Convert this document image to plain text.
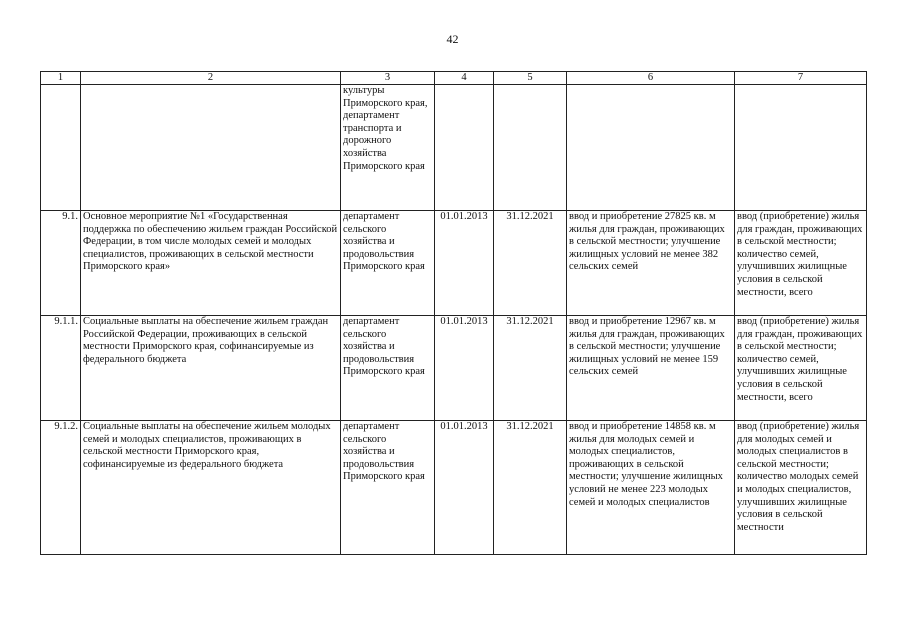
42
1	2	3	4	5	6	7
		культуры Приморского края, департамент транспорта и дорожного хозяйства Приморского края				
9.1.	Основное мероприятие №1 «Государственная поддержка по обеспечению жильем граждан Российской Федерации, в том числе молодых семей и молодых специалистов, проживающих в сельской местности Приморского края»	департамент сельского хозяйства и продовольствия Приморского края	01.01.2013	31.12.2021	ввод и приобретение 27825 кв. м жилья для граждан, проживающих в сельской местности; улучшение жилищных условий не менее 382 сельских семей	ввод (приобретение) жилья для граждан, проживающих в сельской местности; количество семей, улучшивших жилищные условия в сельской местности, всего
9.1.1.	Социальные выплаты на обеспечение жильем граждан Российской Федерации, проживающих в сельской местности Приморского края, софинансируемые из федерального бюджета	департамент сельского хозяйства и продовольствия Приморского края	01.01.2013	31.12.2021	ввод и приобретение 12967 кв. м жилья для граждан, проживающих в сельской местности; улучшение жилищных условий не менее 159 сельских семей	ввод (приобретение) жилья для граждан, проживающих в сельской местности; количество семей, улучшивших жилищные условия в сельской местности, всего
9.1.2.	Социальные выплаты на обеспечение жильем молодых семей и молодых специалистов, проживающих в сельской местности Приморского края, софинансируемые из федерального бюджета	департамент сельского хозяйства и продовольствия Приморского края	01.01.2013	31.12.2021	ввод и приобретение 14858 кв. м жилья для молодых семей и молодых специалистов, проживающих в сельской местности; улучшение жилищных условий не менее 223 молодых семей и молодых специалистов	ввод (приобретение) жилья для молодых семей и молодых специалистов в сельской местности; количество молодых семей и молодых специалистов, улучшивших жилищные условия в сельской местности
